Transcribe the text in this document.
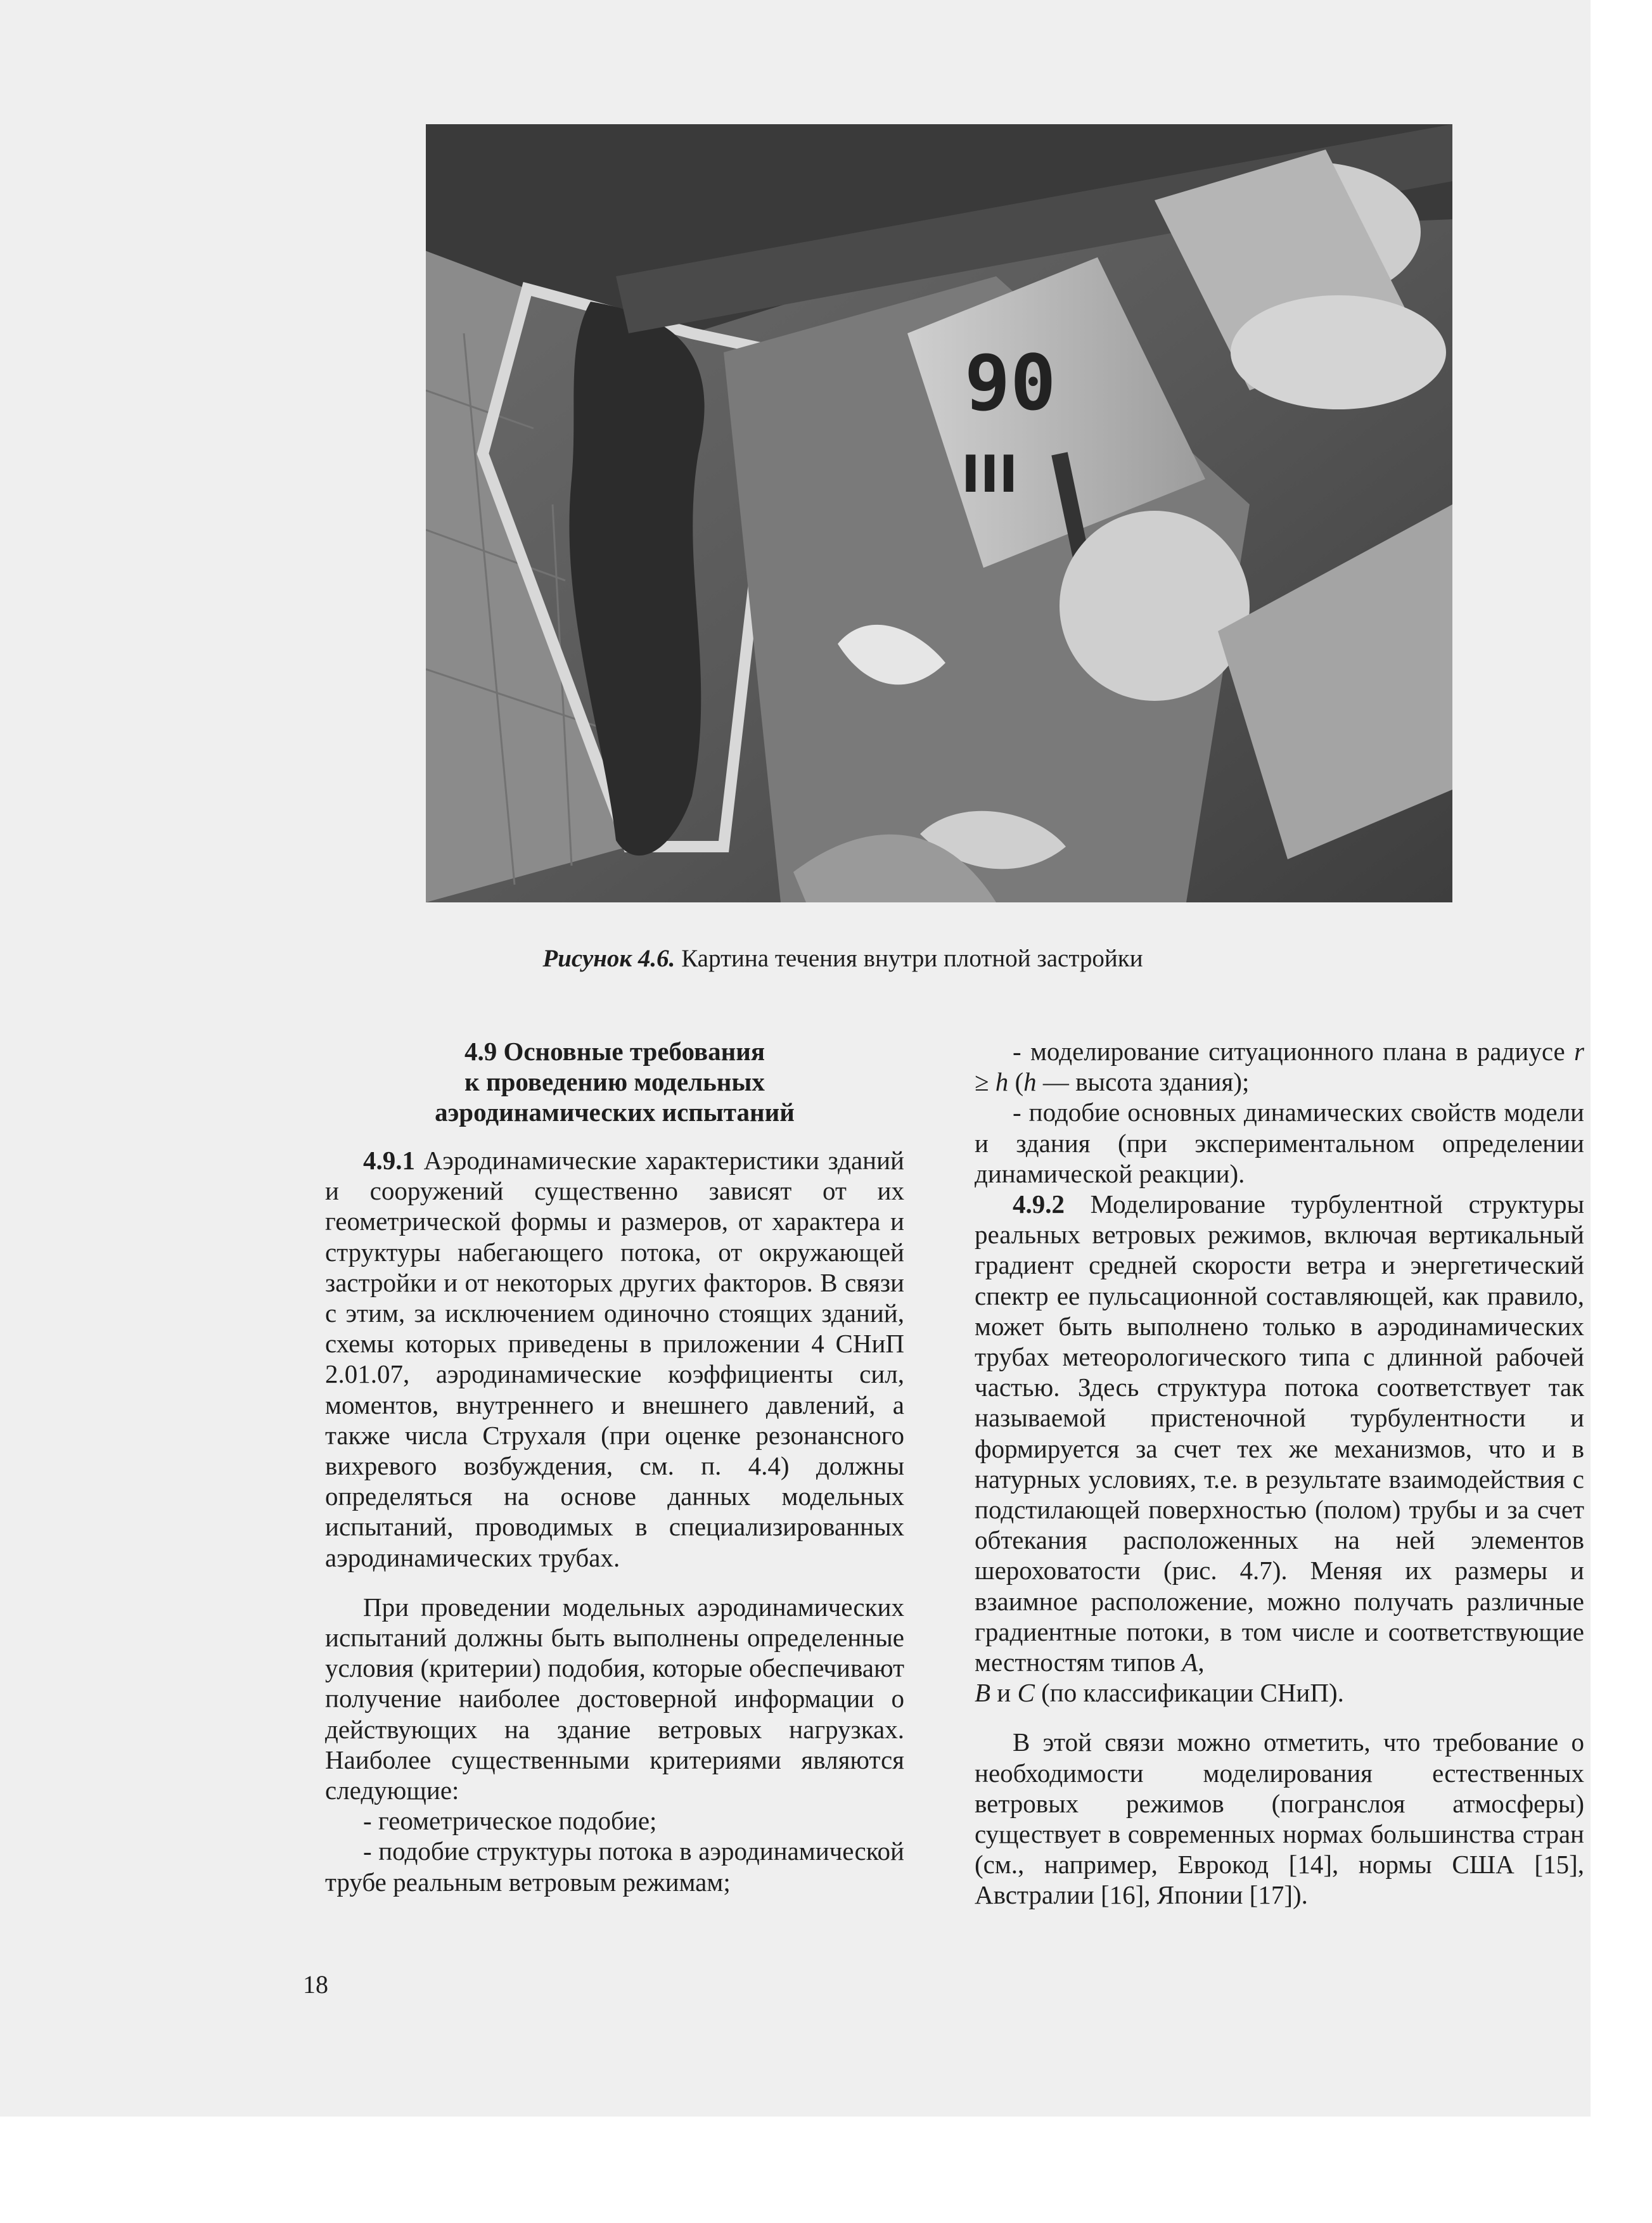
90
III
Рисунок 4.6. Картина течения внутри плотной застройки
4.9 Основные требования
к проведению модельных
аэродинамических испытаний

4.9.1 Аэродинамические характеристики зданий и сооружений существенно зависят от их геометрической формы и размеров, от характера и структуры набегающего потока, от окружающей застройки и от некоторых других факторов. В связи с этим, за исключением одиночно стоящих зданий, схемы которых приведены в приложении 4 СНиП 2.01.07, аэродинамические коэффициенты сил, моментов, внутреннего и внешнего давлений, а также числа Струхаля (при оценке резонансного вихревого возбуждения, см. п. 4.4) должны определяться на основе данных модельных испытаний, проводимых в специализированных аэродинамических трубах.

При проведении модельных аэродинамических испытаний должны быть выполнены определенные условия (критерии) подобия, которые обеспечивают получение наиболее достоверной информации о действующих на здание ветровых нагрузках. Наиболее существенными критериями являются следующие:

- геометрическое подобие;

- подобие структуры потока в аэродинамической трубе реальным ветровым режимам;

- моделирование ситуационного плана в радиусе r ≥ h (h — высота здания);

- подобие основных динамических свойств модели и здания (при экспериментальном определении динамической реакции).

4.9.2 Моделирование турбулентной структуры реальных ветровых режимов, включая вертикальный градиент средней скорости ветра и энергетический спектр ее пульсационной составляющей, как правило, может быть выполнено только в аэродинамических трубах метеорологического типа с длинной рабочей частью. Здесь структура потока соответствует так называемой пристеночной турбулентности и формируется за счет тех же механизмов, что и в натурных условиях, т.е. в результате взаимодействия с подстилающей поверхностью (полом) трубы и за счет обтекания расположенных на ней элементов шероховатости (рис. 4.7). Меняя их размеры и взаимное расположение, можно получать различные градиентные потоки, в том числе и соответствующие местностям типов A,
B и C (по классификации СНиП).

В этой связи можно отметить, что требование о необходимости моделирования естественных ветровых режимов (погранслоя атмосферы) существует в современных нормах большинства стран (см., например, Еврокод [14], нормы США [15], Австралии [16], Японии [17]).

18
